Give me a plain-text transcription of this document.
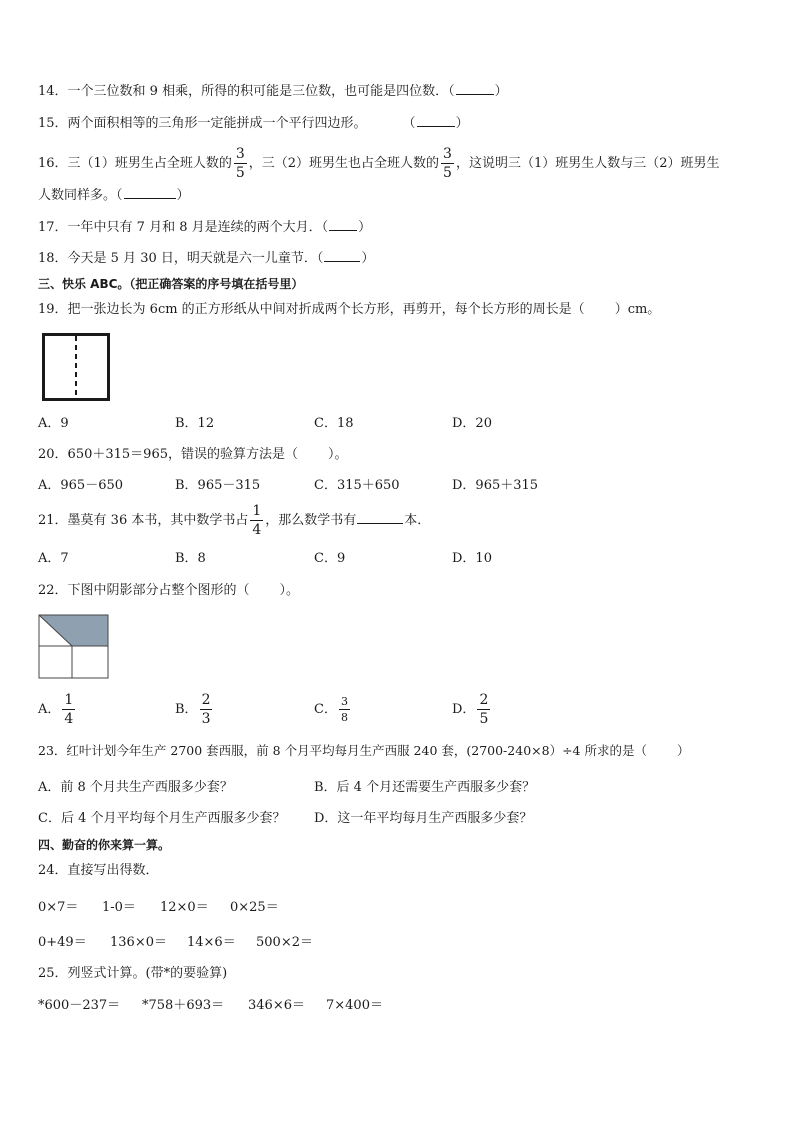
14．一个三位数和 9 相乘，所得的积可能是三位数，也可能是四位数．（	）
15．两个面积相等的三角形一定能拼成一个平行四边形。	（	）
16．三（1）班男生占全班人数的 $\frac{3}{5}$ ，三（2）班男生也占全班人数的 $\frac{3}{5}$ ，这说明三（1）班男生人数与三（2）班男生
人数同样多。（	）
17．一年中只有 7 月和 8 月是连续的两个大月．（ ）
18．今天是 5 月 30 日，明天就是六一儿童节．（	）
三、快乐 ABC。（把正确答案的序号填在括号里）
19．把一张边长为 6cm 的正方形纸从中间对折成两个长方形，再剪开，每个长方形的周长是（ ）cm。
A．9	B．12	C．18	D．20
20．650＋315＝965，错误的验算方法是（ ）。
A．965－650	B．965－315	C．315＋650	D．965＋315
21．墨莫有 36 本书，其中数学书占 $\frac{1}{4}$ ，那么数学书有	本．
A．7	B．8	C．9	D．10
22．下图中阴影部分占整个图形的（ ）。
A． $\frac{1}{4}$	B． $\frac{2}{3}$	C． $\frac{3}{8}$	D． $\frac{2}{5}$
23．红叶计划今年生产 2700 套西服，前 8 个月平均每月生产西服 240 套，(2700-240×8）÷4 所求的是（ ）
A．前 8 个月共生产西服多少套？	B．后 4 个月还需要生产西服多少套？
C．后 4 个月平均每个月生产西服多少套？ D．这一年平均每月生产西服多少套？
四、勤奋的你来算一算。
24．直接写出得数．
0×7＝ 1-0＝ 12×0＝ 0×25＝
0+49＝ 136×0＝ 14×6＝ 500×2＝
25．列竖式计算。(带*的要验算)
*600－237＝ *758＋693＝ 346×6＝ 7×400＝
